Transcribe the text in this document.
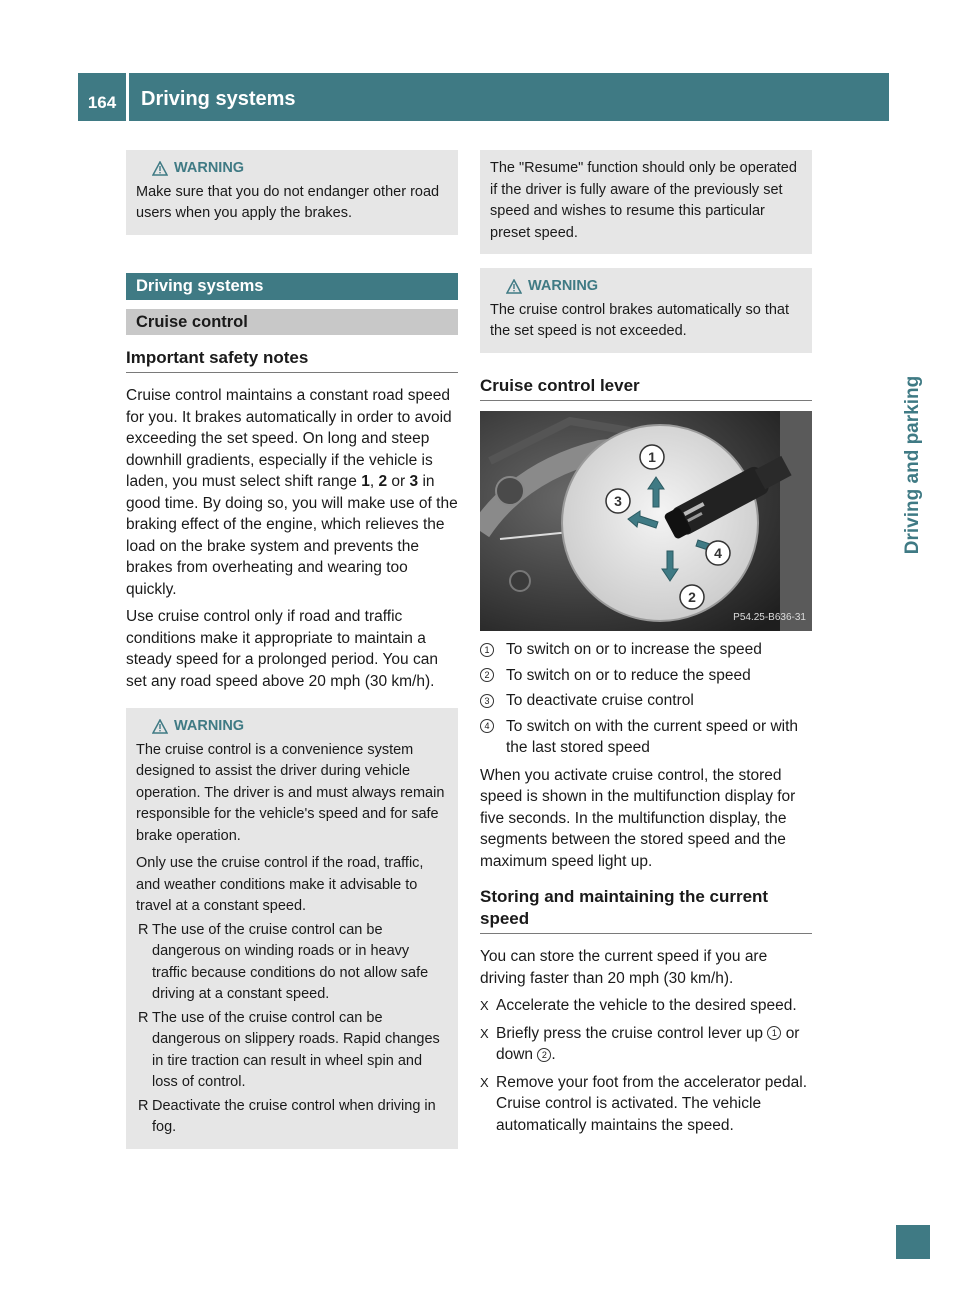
164	Driving systems
Driving and parking
WARNING

Make sure that you do not endanger other road users when you apply the brakes.

Driving systems
Cruise control
Important safety notes

Cruise control maintains a constant road speed for you. It brakes automatically in order to avoid exceeding the set speed. On long and steep downhill gradients, especially if the vehicle is laden, you must select shift range 1, 2 or 3 in good time. By doing so, you will make use of the braking effect of the engine, which relieves the load on the brake system and prevents the brakes from overheating and wearing too quickly.

Use cruise control only if road and traffic conditions make it appropriate to maintain a steady speed for a prolonged period. You can set any road speed above 20 mph (30 km/h).

WARNING

The cruise control is a convenience system designed to assist the driver during vehicle operation. The driver is and must always remain responsible for the vehicle's speed and for safe brake operation.

Only use the cruise control if the road, traffic, and weather conditions make it advisable to travel at a constant speed.

R The use of the cruise control can be dangerous on winding roads or in heavy traffic because conditions do not allow safe driving at a constant speed.
R The use of the cruise control can be dangerous on slippery roads. Rapid changes in tire traction can result in wheel spin and loss of control.
R Deactivate the cruise control when driving in fog.

The "Resume" function should only be operated if the driver is fully aware of the previously set speed and wishes to resume this particular preset speed.

WARNING

The cruise control brakes automatically so that the set speed is not exceeded.

Cruise control lever
1
2
3
4
P54.25-B636-31
1	To switch on or to increase the speed
2	To switch on or to reduce the speed
3	To deactivate cruise control
4	To switch on with the current speed or with the last stored speed

When you activate cruise control, the stored speed is shown in the multifunction display for five seconds. In the multifunction display, the segments between the stored speed and the maximum speed light up.

Storing and maintaining the current speed

You can store the current speed if you are driving faster than 20 mph (30 km/h).

X Accelerate the vehicle to the desired speed.
X Briefly press the cruise control lever up 1 or down 2 .
X Remove your foot from the accelerator pedal.
Cruise control is activated. The vehicle automatically maintains the speed.
